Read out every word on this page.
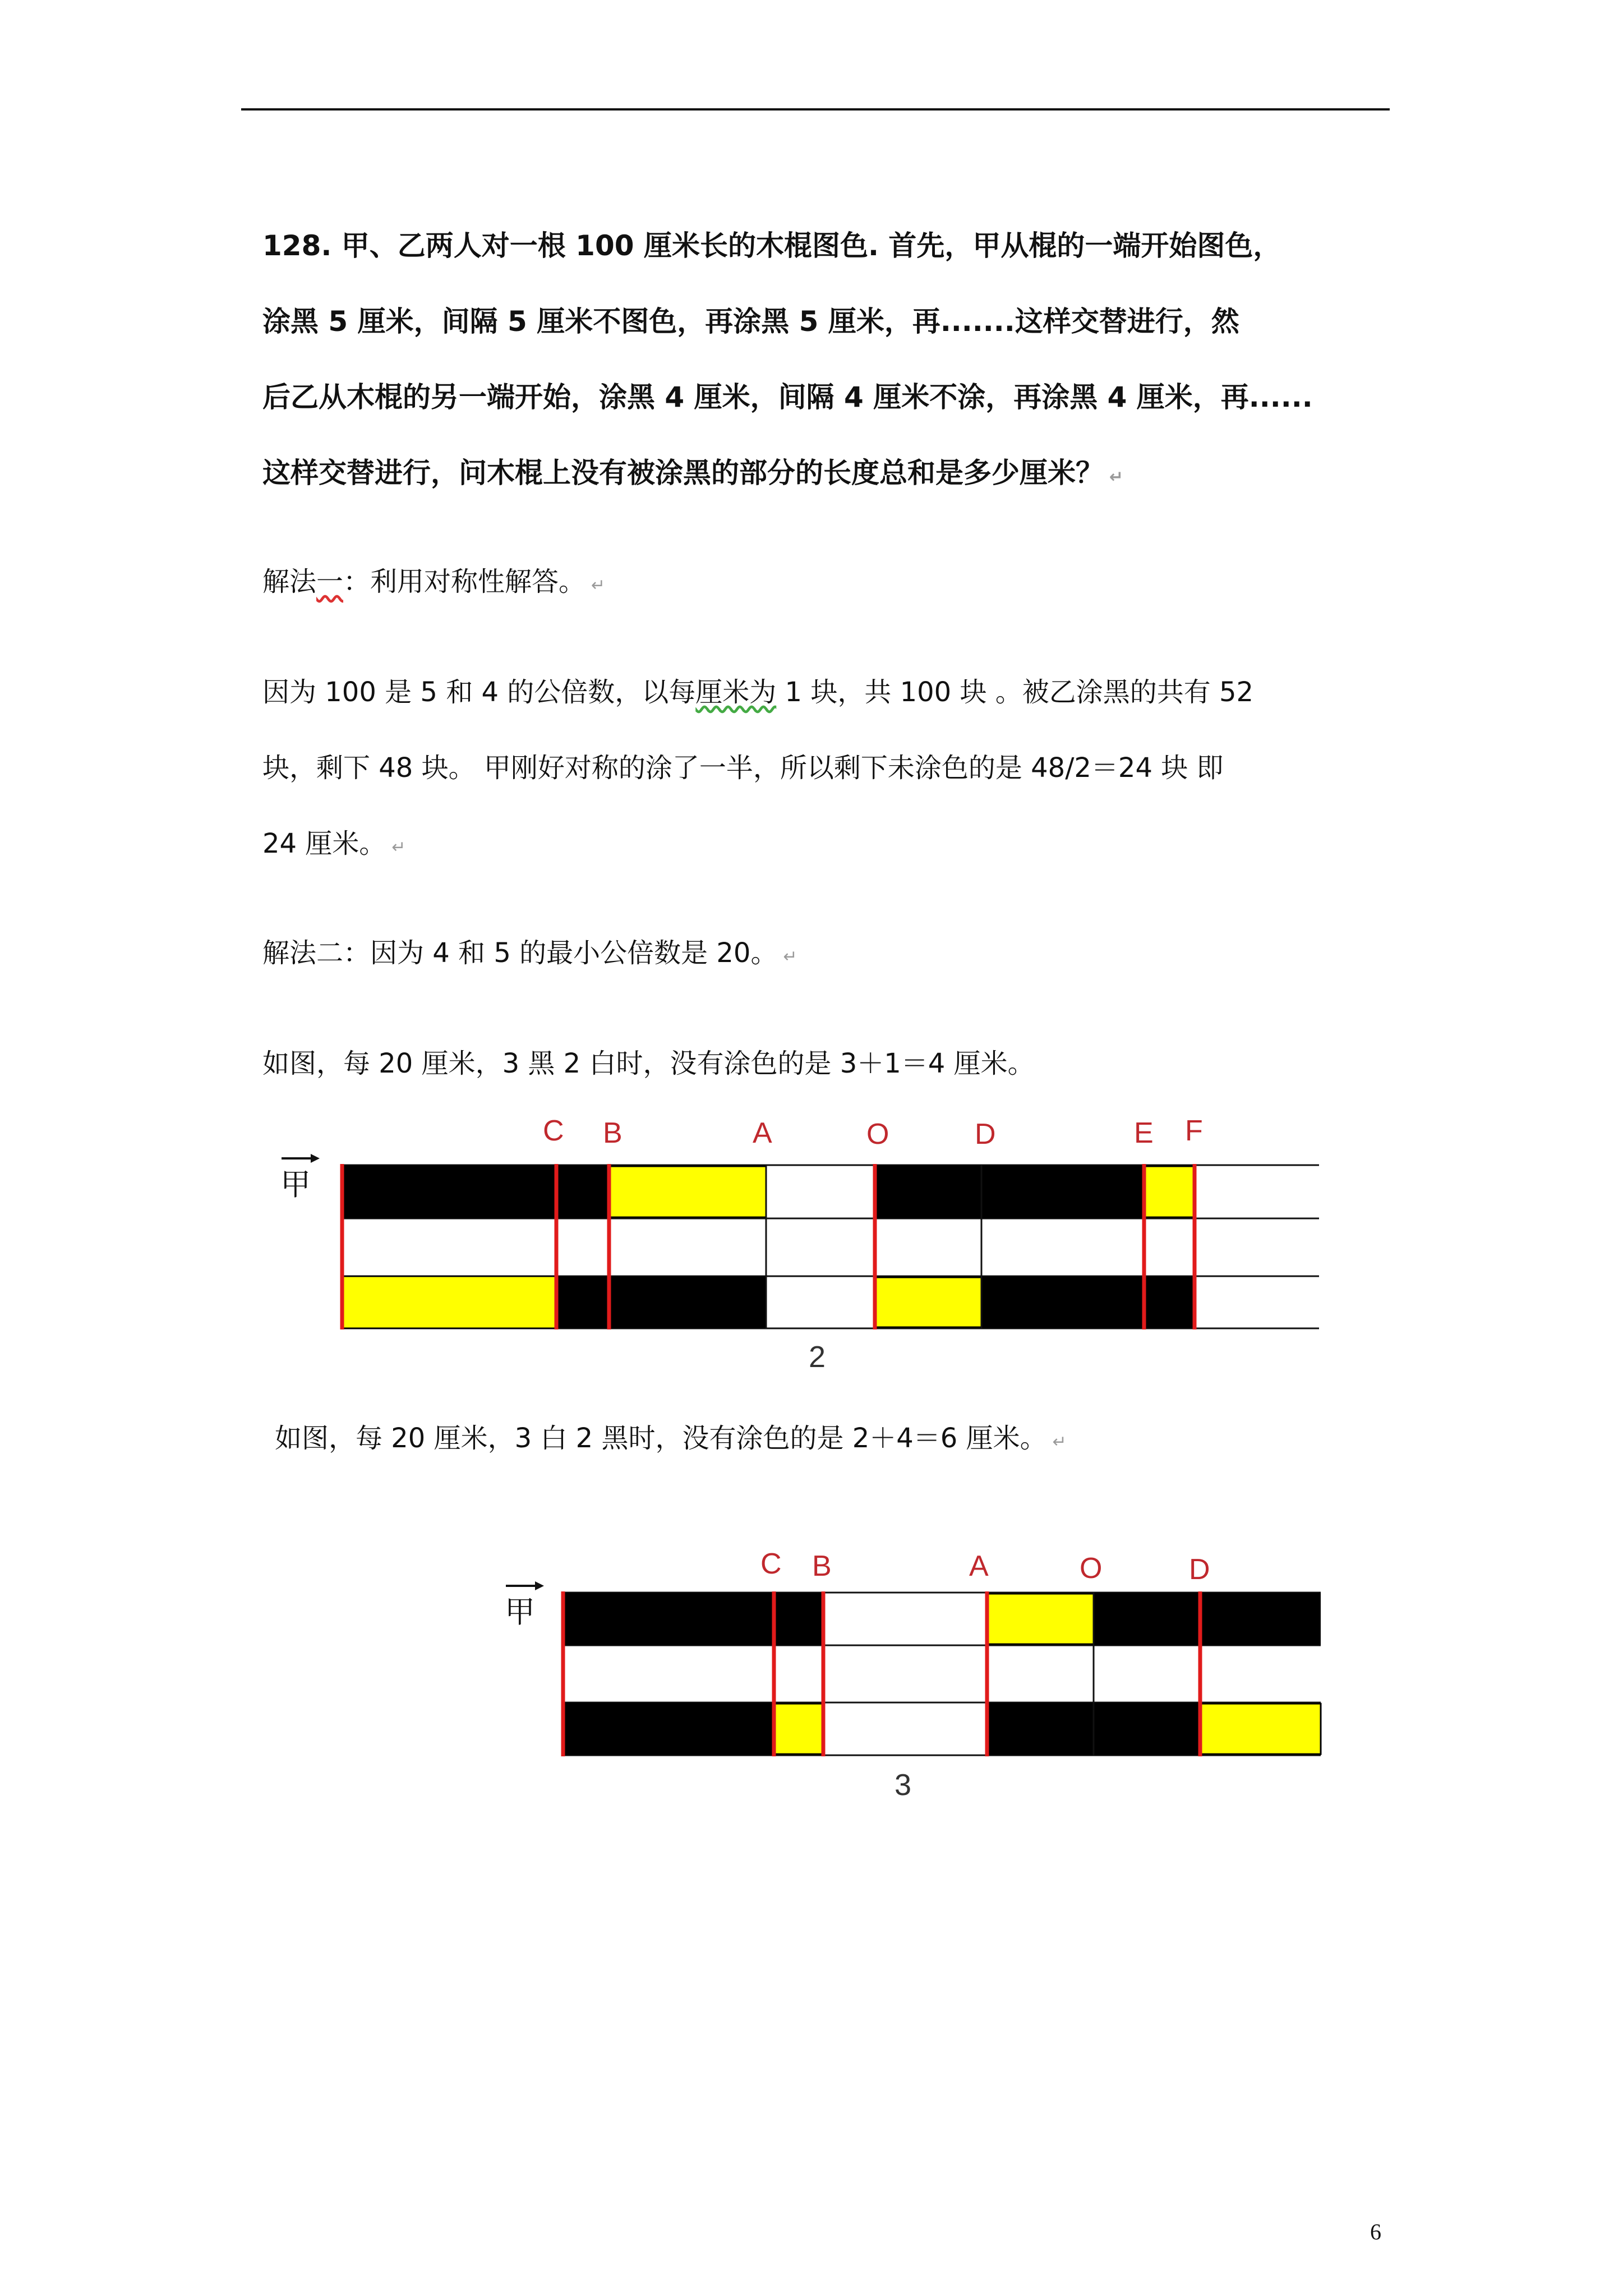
128. 甲、乙两人对一根 100 厘米长的木棍图色. 首先，甲从棍的一端开始图色，

涂黑 5 厘米，间隔 5 厘米不图色，再涂黑 5 厘米，再.......这样交替进行，然

后乙从木棍的另一端开始，涂黑 4 厘米，间隔 4 厘米不涂，再涂黑 4 厘米，再......

这样交替进行，问木棍上没有被涂黑的部分的长度总和是多少厘米？ ↵

解法一：利用对称性解答。 ↵

因为 100 是 5 和 4 的公倍数，以每厘米为 1 块，共 100 块 。被乙涂黑的共有 52

块，剩下 48 块。 甲刚好对称的涂了一半，所以剩下未涂色的是 48/2＝24 块 即

24 厘米。 ↵

解法二：因为 4 和 5 的最小公倍数是 20。 ↵

如图，每 20 厘米，3 黑 2 白时，没有涂色的是 3＋1＝4 厘米。

甲
C B	A	O	D	E F
2

如图，每 20 厘米，3 白 2 黑时，没有涂色的是 2＋4＝6 厘米。 ↵

甲
C B	A	O	D
3
6
